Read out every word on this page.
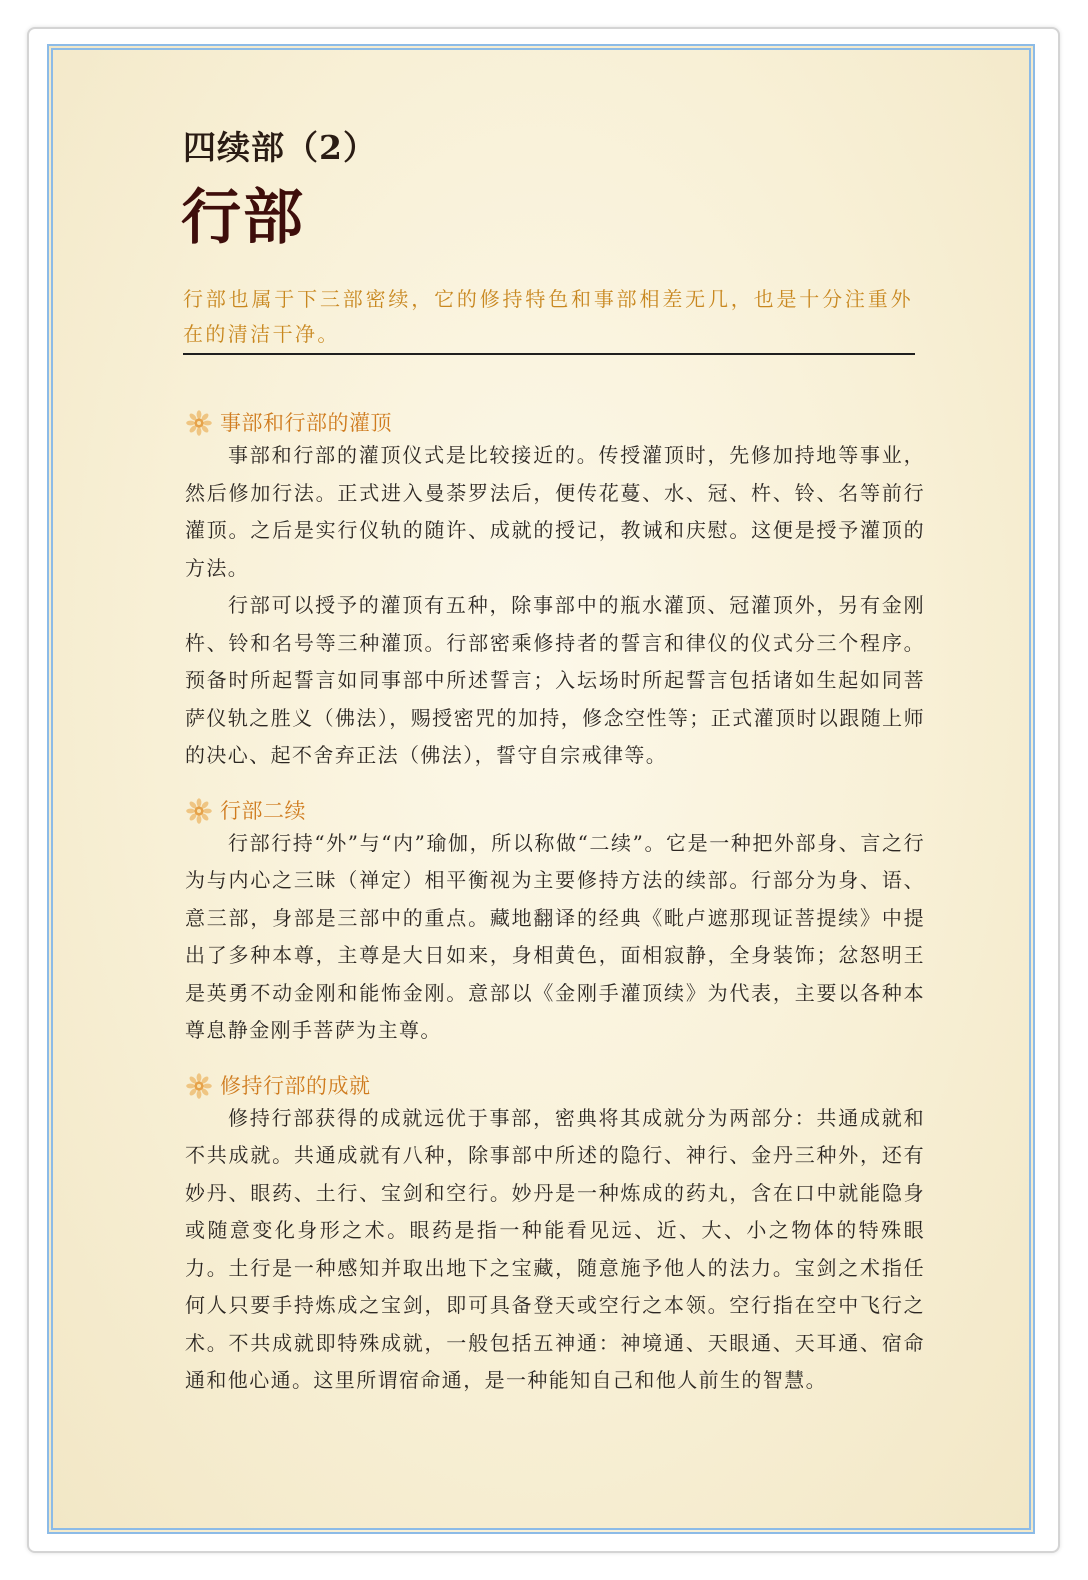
四续部（2）
行部

行部也属于下三部密续，它的修持特色和事部相差无几，也是十分注重外在的清洁干净。

事部和行部的灌顶

事部和行部的灌顶仪式是比较接近的。传授灌顶时，先修加持地等事业，然后修加行法。正式进入曼荼罗法后，便传花蔓、水、冠、杵、铃、名等前行灌顶。之后是实行仪轨的随许、成就的授记，教诫和庆慰。这便是授予灌顶的方法。

行部可以授予的灌顶有五种，除事部中的瓶水灌顶、冠灌顶外，另有金刚杵、铃和名号等三种灌顶。行部密乘修持者的誓言和律仪的仪式分三个程序。预备时所起誓言如同事部中所述誓言；入坛场时所起誓言包括诸如生起如同菩萨仪轨之胜义（佛法），赐授密咒的加持，修念空性等；正式灌顶时以跟随上师的决心、起不舍弃正法（佛法），誓守自宗戒律等。

行部二续

行部行持“外”与“内”瑜伽，所以称做“二续”。它是一种把外部身、言之行为与内心之三昧（禅定）相平衡视为主要修持方法的续部。行部分为身、语、意三部，身部是三部中的重点。藏地翻译的经典《毗卢遮那现证菩提续》中提出了多种本尊，主尊是大日如来，身相黄色，面相寂静，全身装饰；忿怒明王是英勇不动金刚和能怖金刚。意部以《金刚手灌顶续》为代表，主要以各种本尊息静金刚手菩萨为主尊。

修持行部的成就

修持行部获得的成就远优于事部，密典将其成就分为两部分：共通成就和不共成就。共通成就有八种，除事部中所述的隐行、神行、金丹三种外，还有妙丹、眼药、土行、宝剑和空行。妙丹是一种炼成的药丸，含在口中就能隐身或随意变化身形之术。眼药是指一种能看见远、近、大、小之物体的特殊眼力。土行是一种感知并取出地下之宝藏，随意施予他人的法力。宝剑之术指任何人只要手持炼成之宝剑，即可具备登天或空行之本领。空行指在空中飞行之术。不共成就即特殊成就，一般包括五神通：神境通、天眼通、天耳通、宿命通和他心通。这里所谓宿命通，是一种能知自己和他人前生的智慧。
